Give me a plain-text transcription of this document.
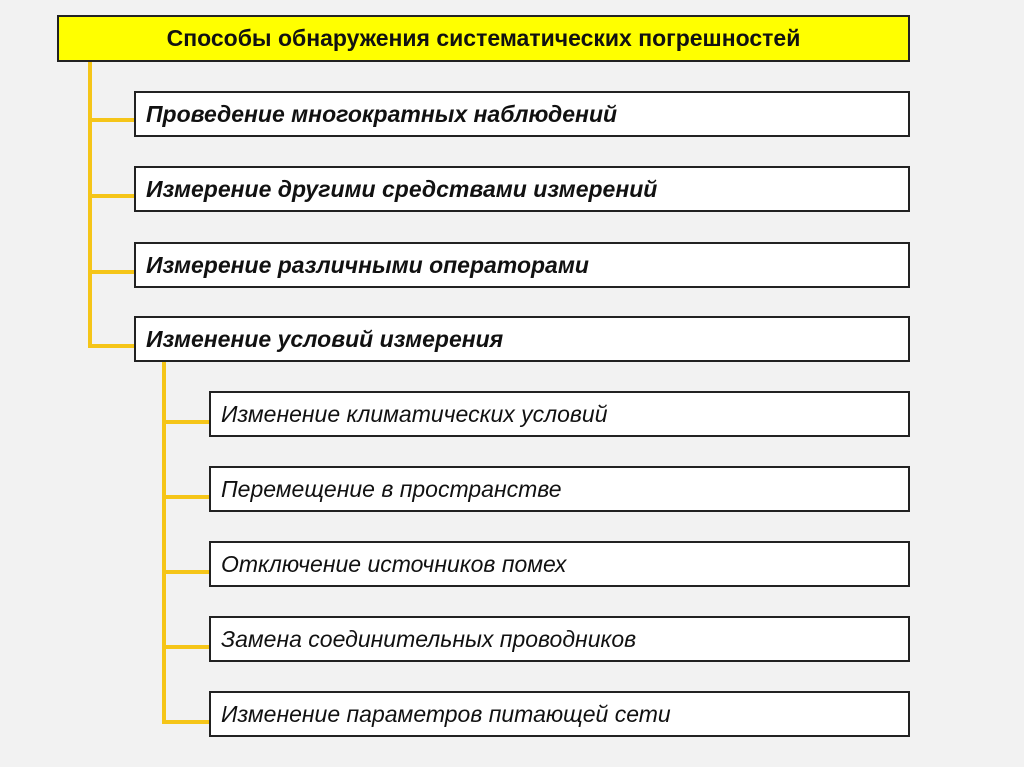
Способы обнаружения систематических погрешностей
Проведение многократных наблюдений
Измерение другими средствами измерений
Измерение различными операторами
Изменение условий измерения
Изменение климатических условий
Перемещение в пространстве
Отключение источников помех
Замена соединительных проводников
Изменение параметров питающей сети
